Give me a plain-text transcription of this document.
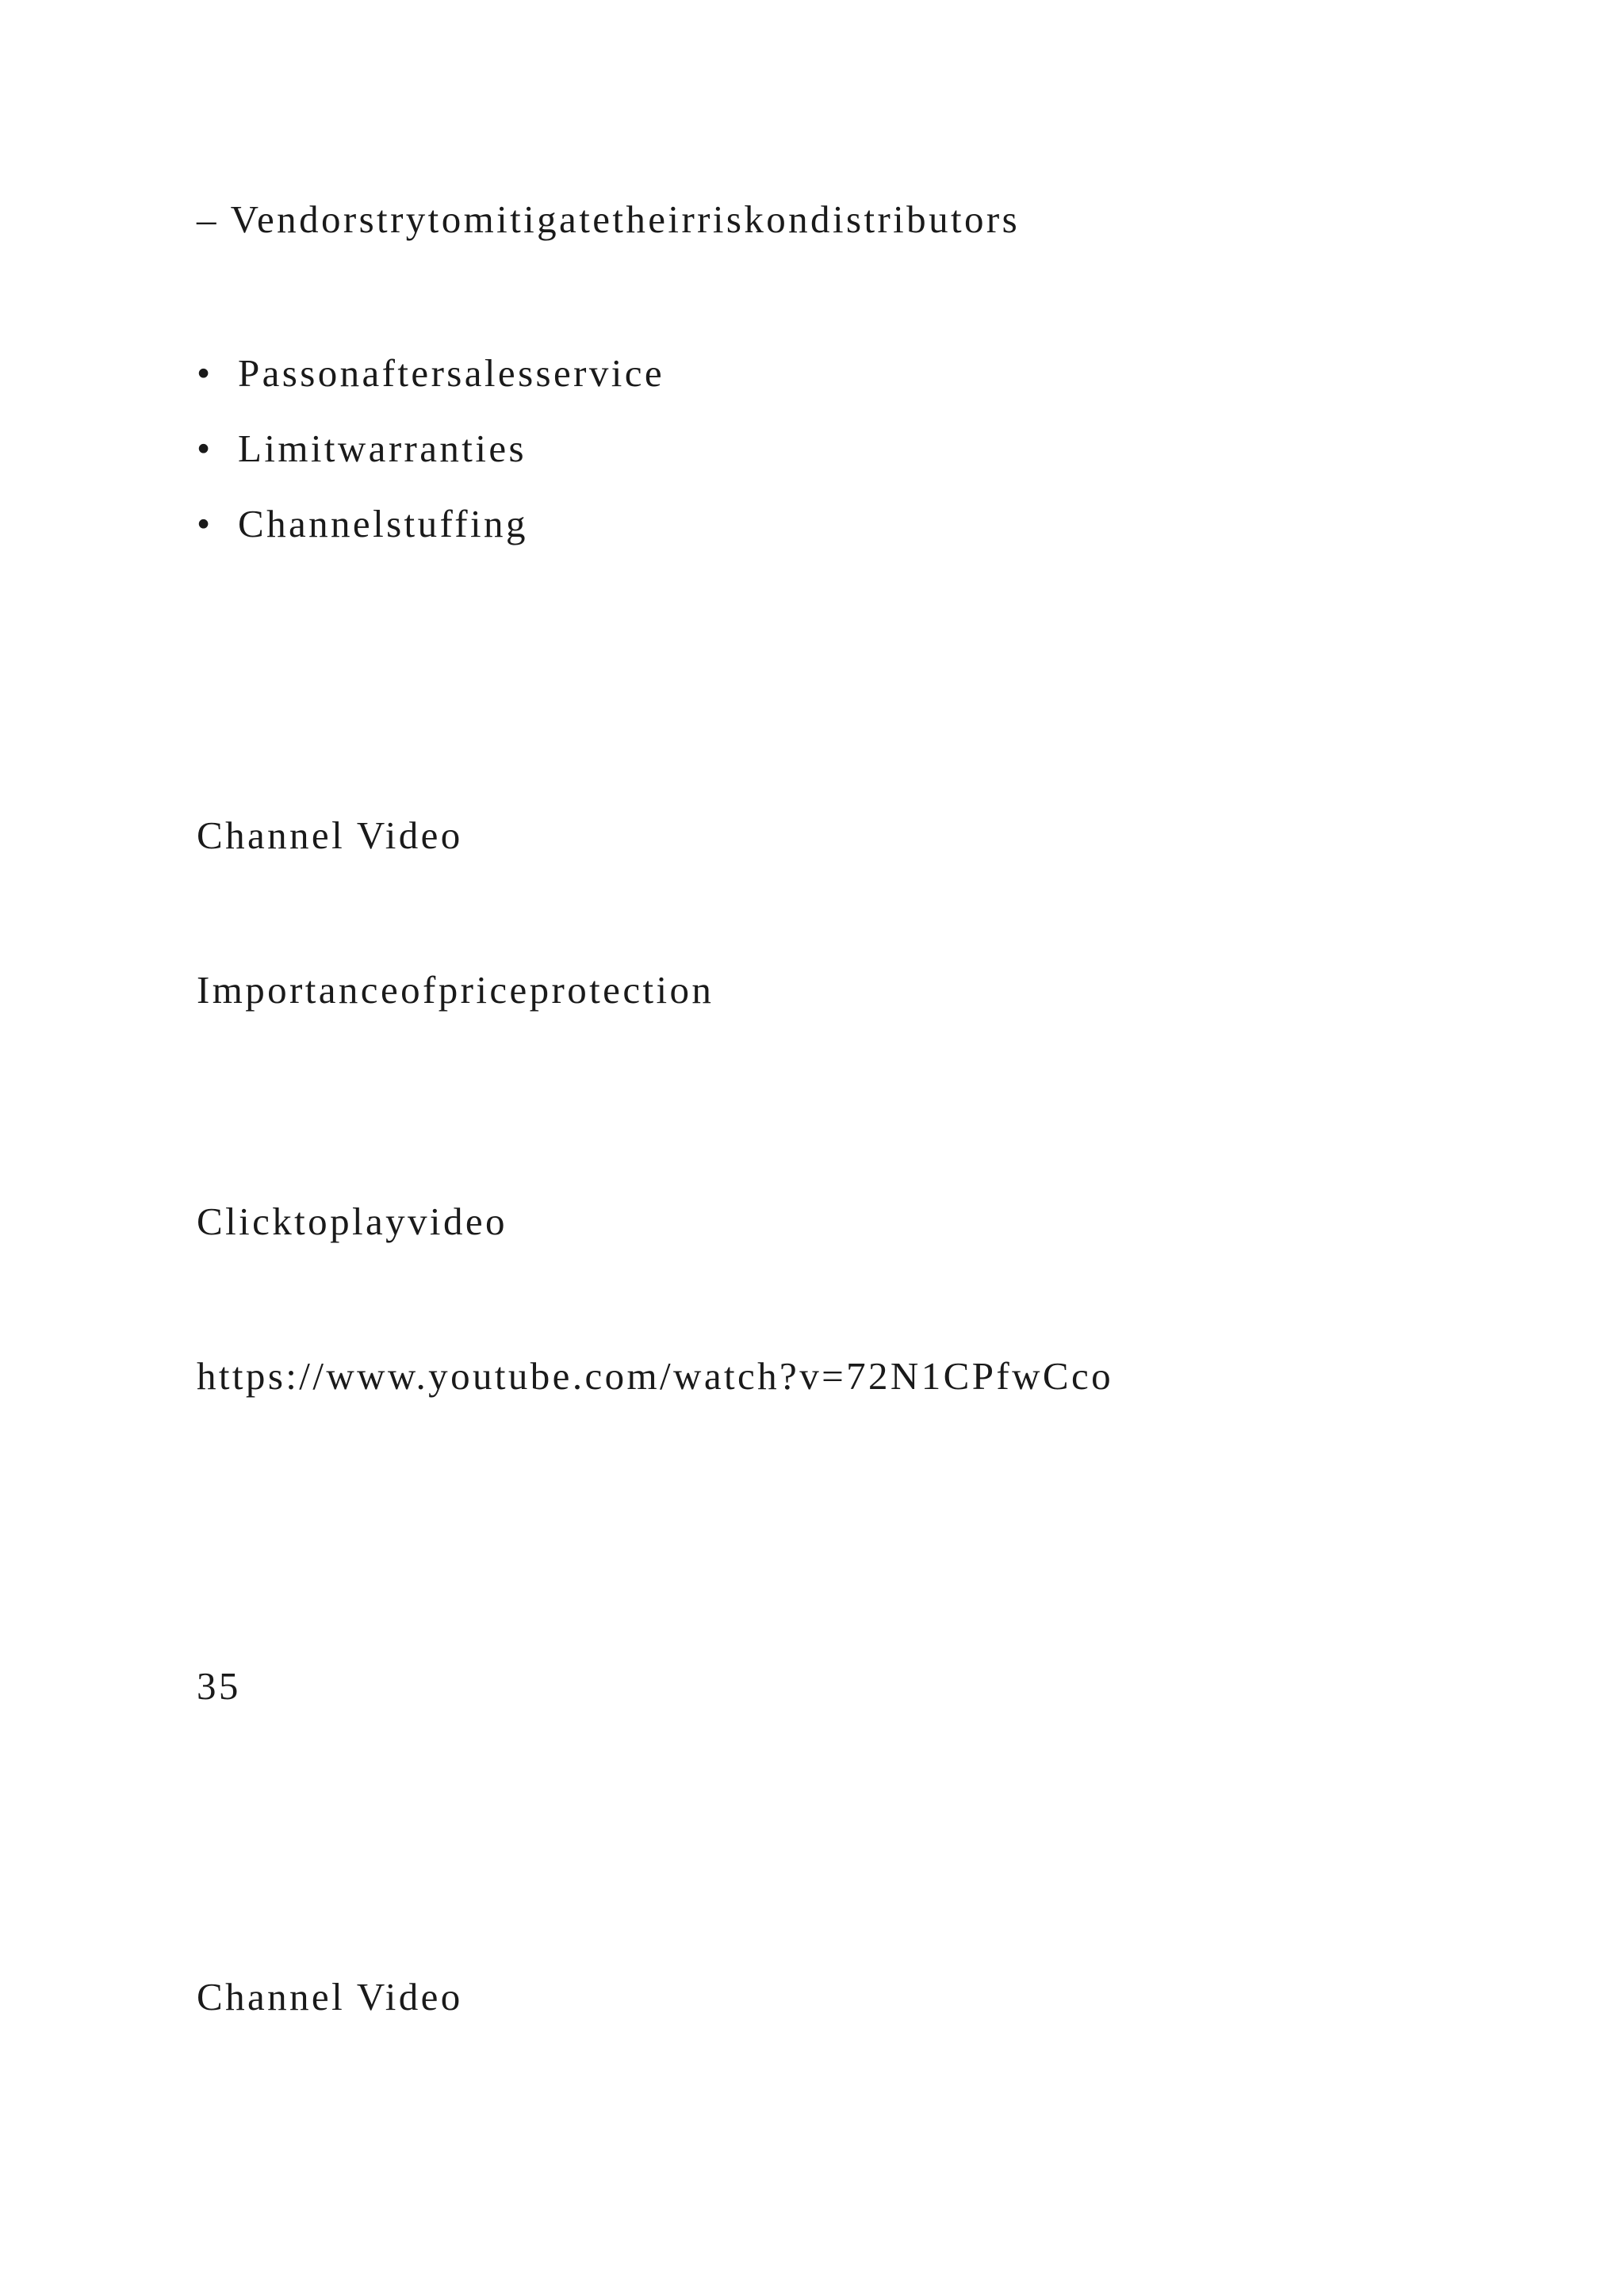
– Vendorstrytomitigatetheirriskondistributors
• Passonaftersalesservice
• Limitwarranties
• Channelstuffing
Channel Video
Importanceofpriceprotection
Clicktoplayvideo
https://www.youtube.com/watch?v=72N1CPfwCco
35
Channel Video
